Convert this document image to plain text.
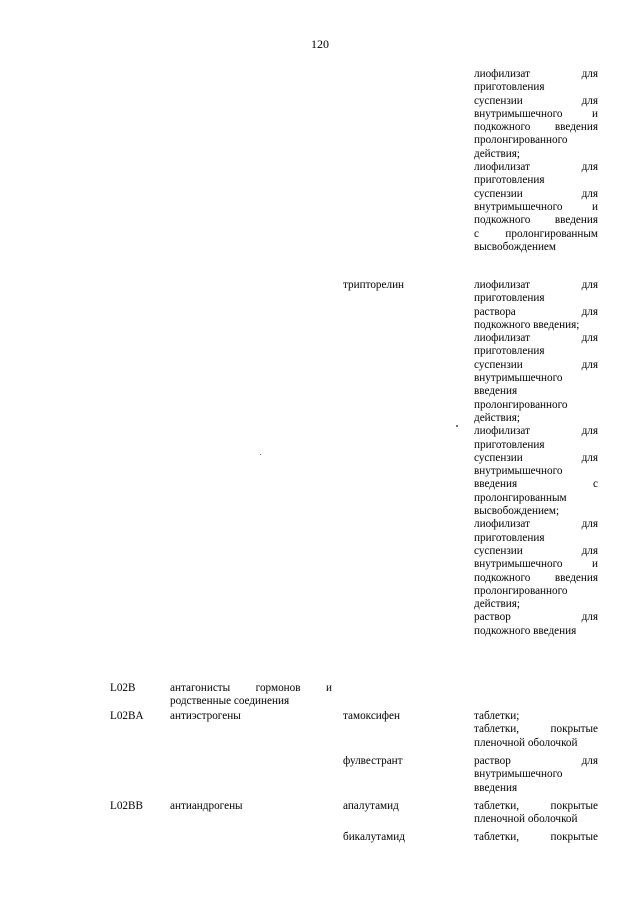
120
лиофилизат	для
приготовления
суспензии	для
внутримышечного	и
подкожного введения
пролонгированного
действия;
лиофилизат	для
приготовления
суспензии	для
внутримышечного	и
подкожного введения
с пролонгированным
высвобождением
трипторелин	лиофилизат	для
приготовления
раствора	для
подкожного введения;
лиофилизат	для
приготовления
суспензии	для
внутримышечного
введения
пролонгированного
действия;
лиофилизат	для
приготовления
суспензии	для
внутримышечного
введения	с
пролонгированным
высвобождением;
лиофилизат	для
приготовления
суспензии	для
внутримышечного	и
подкожного введения
пролонгированного
действия;
раствор	для
подкожного введения
L02B	антагонисты гормонов и
родственные соединения
L02BA антиэстрогены	тамоксифен	таблетки;
таблетки,	покрытые
пленочной оболочкой
фулвестрант	раствор	для
внутримышечного
введения
L02BB антиандрогены	апалутамид	таблетки,	покрытые
пленочной оболочкой
бикалутамид	таблетки,	покрытые
